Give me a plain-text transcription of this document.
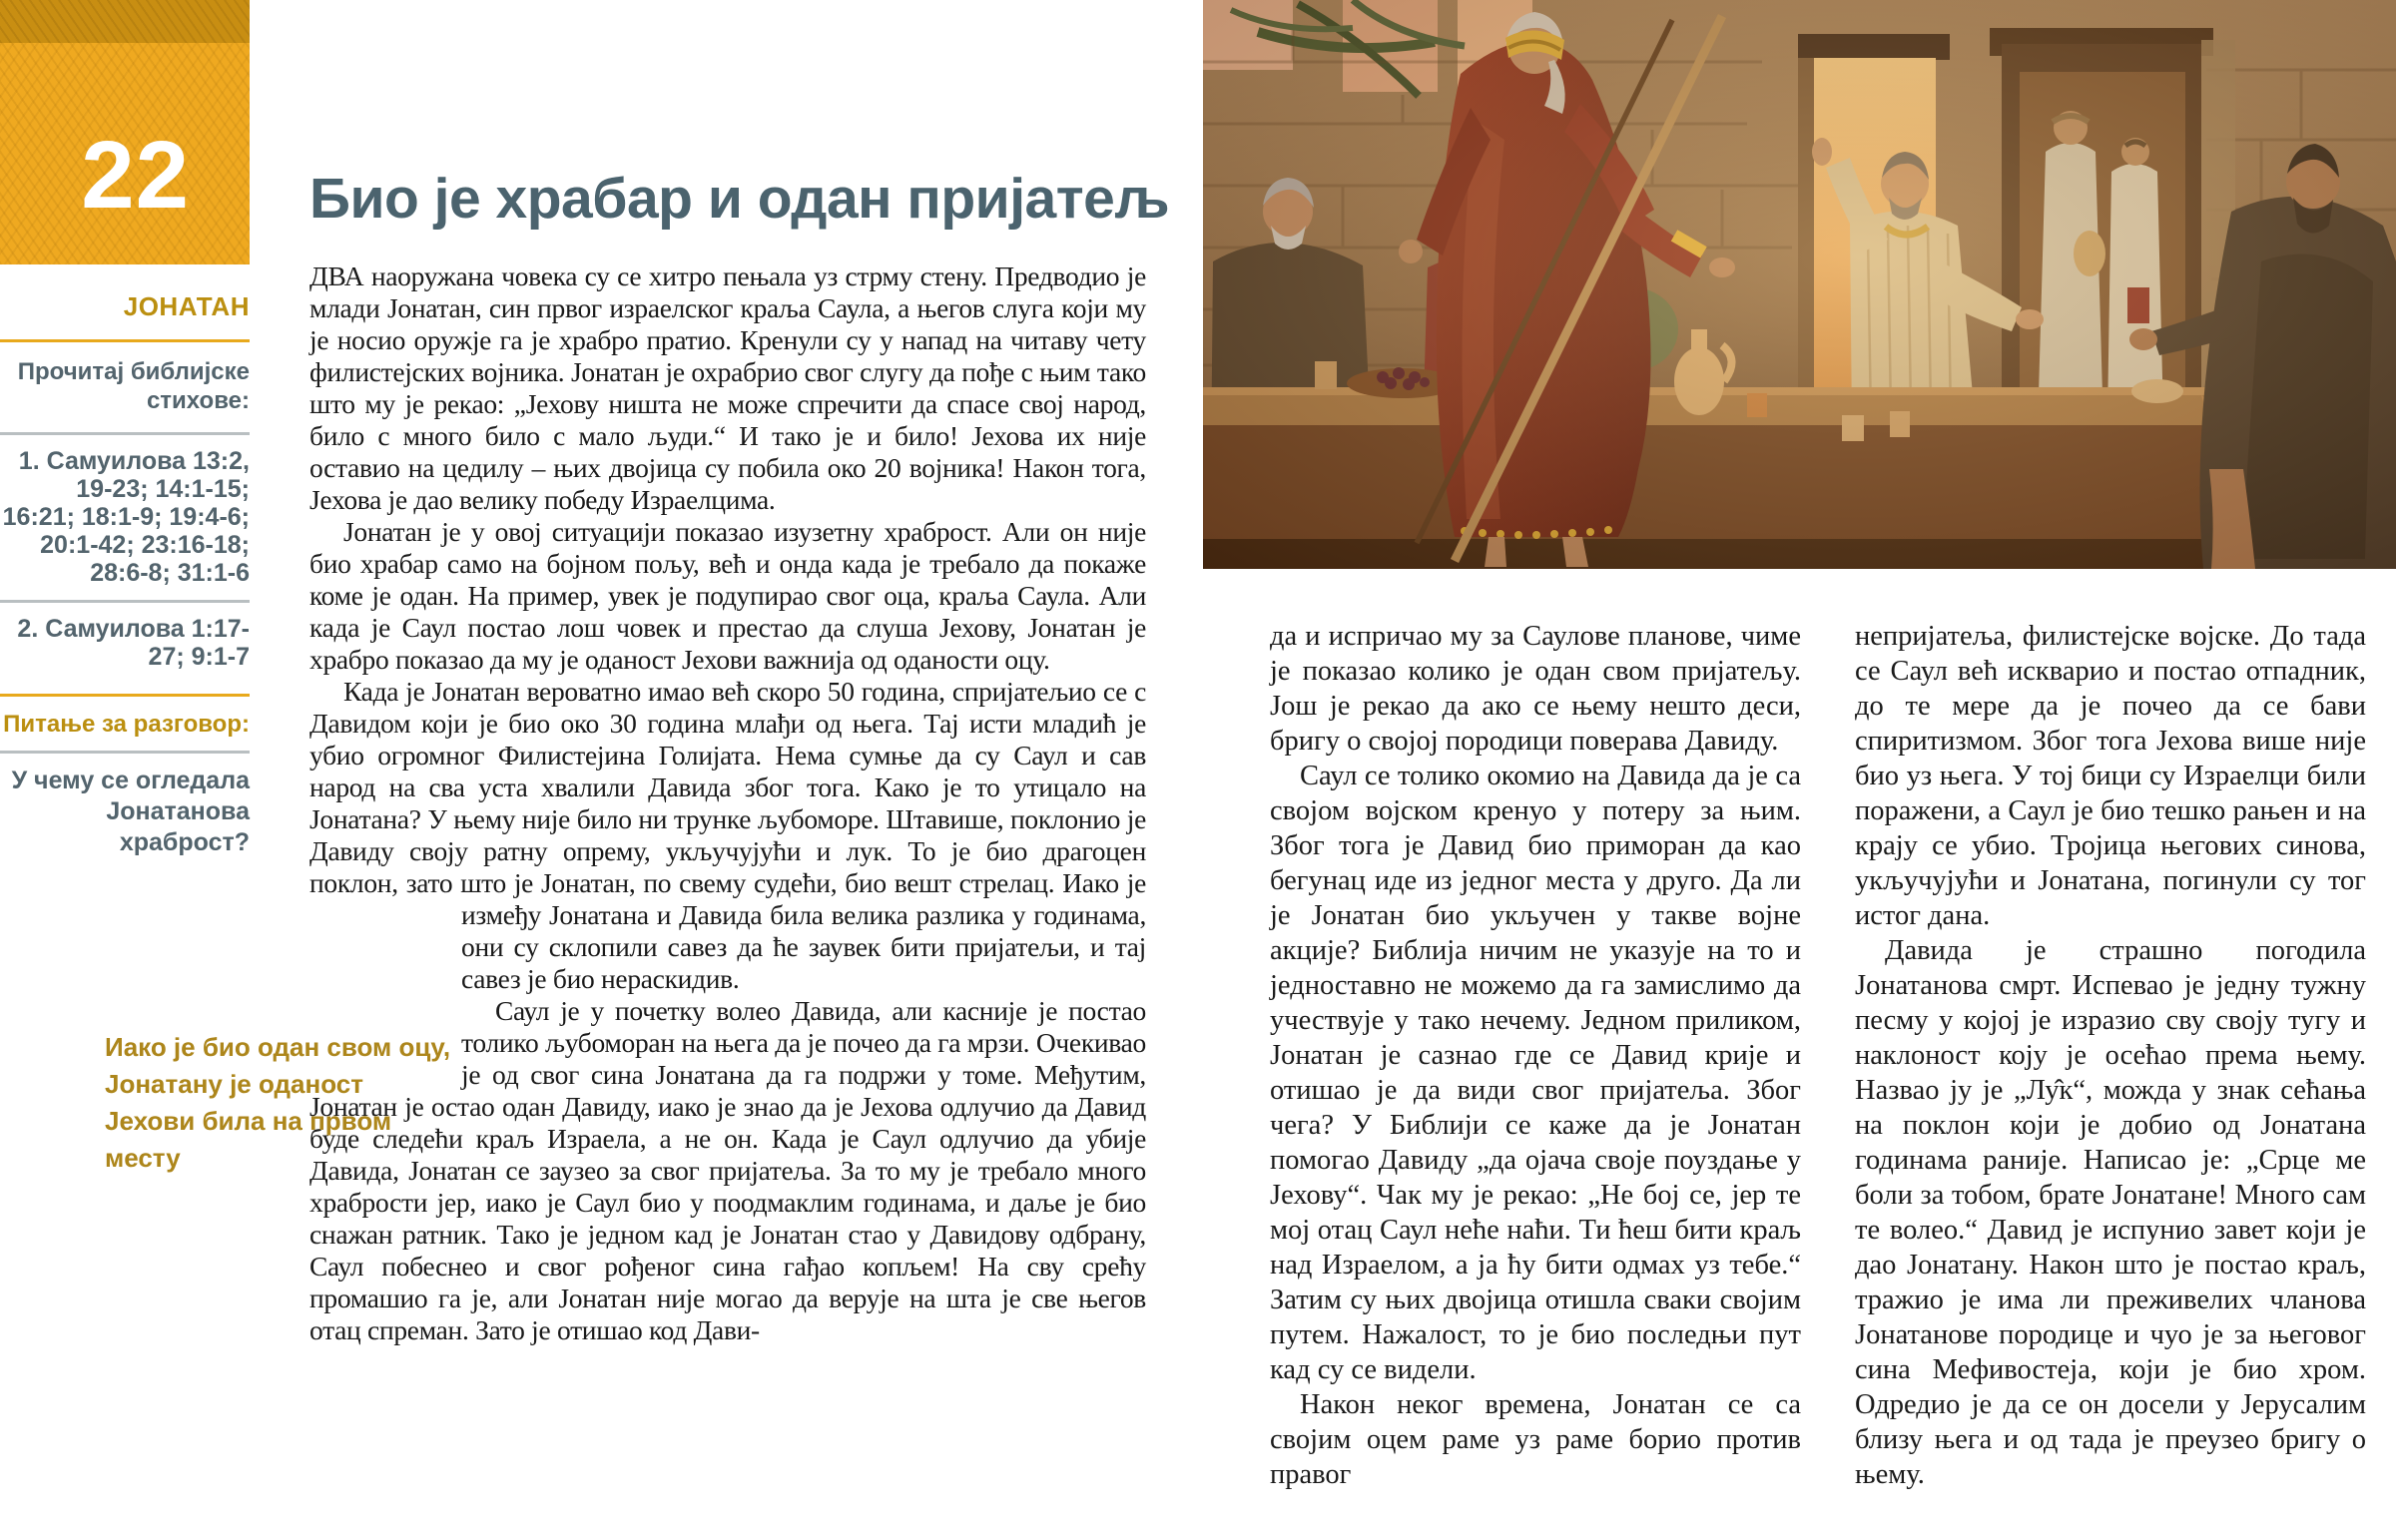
22
ЈОНАТАН
Прочитај библијске стихове:
1. Самуилова 13:2, 19-23; 14:1-15; 16:21; 18:1-9; 19:4-6; 20:1-42; 23:16-18; 28:6-8; 31:1-6
2. Самуилова 1:17-27; 9:1-7
Питање за разговор:
У чему се огледала Јонатанова храброст?
Био је храбар и одан пријатељ

ДВА наоружана човека су се хитро пењала уз стрму стену. Предводио је млади Јонатан, син првог израелског краља Саула, а његов слуга који му је носио оружје га је храбро пратио. Кренули су у напад на читаву чету филистејских војника. Јонатан је охрабрио свог слугу да пође с њим тако што му је рекао: „Јехову ништа не може спречити да спасе свој народ, било с много било с мало људи.“ И тако је и било! Јехова их није оставио на цедилу – њих двојица су побила око 20 војника! Након тога, Јехова је дао велику победу Израелцима.

Јонатан је у овој ситуацији показао изузетну храброст. Али он није био храбар само на бојном пољу, већ и онда када је требало да покаже коме је одан. На пример, увек је подупирао свог оца, краља Саула. Али када је Саул постао лош човек и престао да слуша Јехову, Јонатан је храбро показао да му је оданост Јехови важнија од оданости оцу.

Када је Јонатан вероватно имао већ скоро 50 година, спријатељио се с Давидом који је био око 30 година млађи од њега. Тај исти младић је убио огромног Филистејина Голијата. Нема сумње да су Саул и сав народ на сва уста хвалили Давида због тога. Како је то утицало на Јонатана? У њему није било ни трунке љубоморе. Штавише, поклонио је Давиду своју ратну опрему, укључујући и лук. То је био драгоцен поклон, зато што је Јонатан, по свему судећи, био вешт стрелац. Иако је између Јонатана и Давида била велика разлика у годинама, они су склопили савез да ће заувек бити пријатељи, и тај савез је био нераскидив.

Саул је у почетку волео Давида, али касније је постао толико љубоморан на њега да је почео да га мрзи. Очекивао је од свог сина Јонатана да га подржи у томе. Међутим, Јонатан је остао одан Давиду, иако је знао да је Јехова одлучио да Давид буде следећи краљ Израела, а не он. Када је Саул одлучио да убије Давида, Јонатан се заузео за свог пријатеља. За то му је требало много храбрости јер, иако је Саул био у поодмаклим годинама, и даље је био снажан ратник. Тако је једном кад је Јонатан стао у Давидову одбрану, Саул побеснео и свог рођеног сина гађао копљем! На сву срећу промашио га је, али Јонатан није могао да верује на шта је све његов отац спреман. Зато је отишао код Дави-

Иако је био одан свом оцу, Јонатану је оданост Јехови била на првом месту

да и испричао му за Саулове планове, чиме је показао колико је одан свом пријатељу. Још је рекао да ако се њему нешто деси, бригу о својој породици поверава Давиду.

Саул се толико окомио на Давида да је са својом војском кренуо у потеру за њим. Због тога је Давид био приморан да као бегунац иде из једног места у друго. Да ли је Јонатан био укључен у такве војне акције? Библија ничим не указује на то и једноставно не можемо да га замислимо да учествује у тако нечему. Једном приликом, Јонатан је сазнао где се Давид крије и отишао је да види свог пријатеља. Због чега? У Библији се каже да је Јонатан помогао Давиду „да ојача своје поуздање у Јехову“. Чак му је рекао: „Не бој се, јер те мој отац Саул неће наћи. Ти ћеш бити краљ над Израелом, а ја ћу бити одмах уз тебе.“ Затим су њих двојица отишла сваки својим путем. Нажалост, то је био последњи пут кад су се видели.

Након неког времена, Јонатан се са својим оцем раме уз раме борио против правог

непријатеља, филистејске војске. До тада се Саул већ искварио и постао отпадник, до те мере да је почео да се бави спиритизмом. Због тога Јехова више није био уз њега. У тој бици су Израелци били поражени, а Саул је био тешко рањен и на крају се убио. Тројица његових синова, укључујући и Јонатана, погинули су тог истог дана.

Давида је страшно погодила Јонатанова смрт. Испевао је једну тужну песму у којој је изразио сву своју тугу и наклоност коју је осећао према њему. Назвао ју је „Лу̂к“, можда у знак сећања на поклон који је добио од Јонатана годинама раније. Написао је: „Срце ме боли за тобом, брате Јонатане! Много сам те волео.“ Давид је испунио завет који је дао Јонатану. Након што је постао краљ, тражио је има ли преживелих чланова Јонатанове породице и чуо је за његовог сина Мефивостеја, који је био хром. Одредио је да се он досели у Јерусалим близу њега и од тада је преузео бригу о њему.
